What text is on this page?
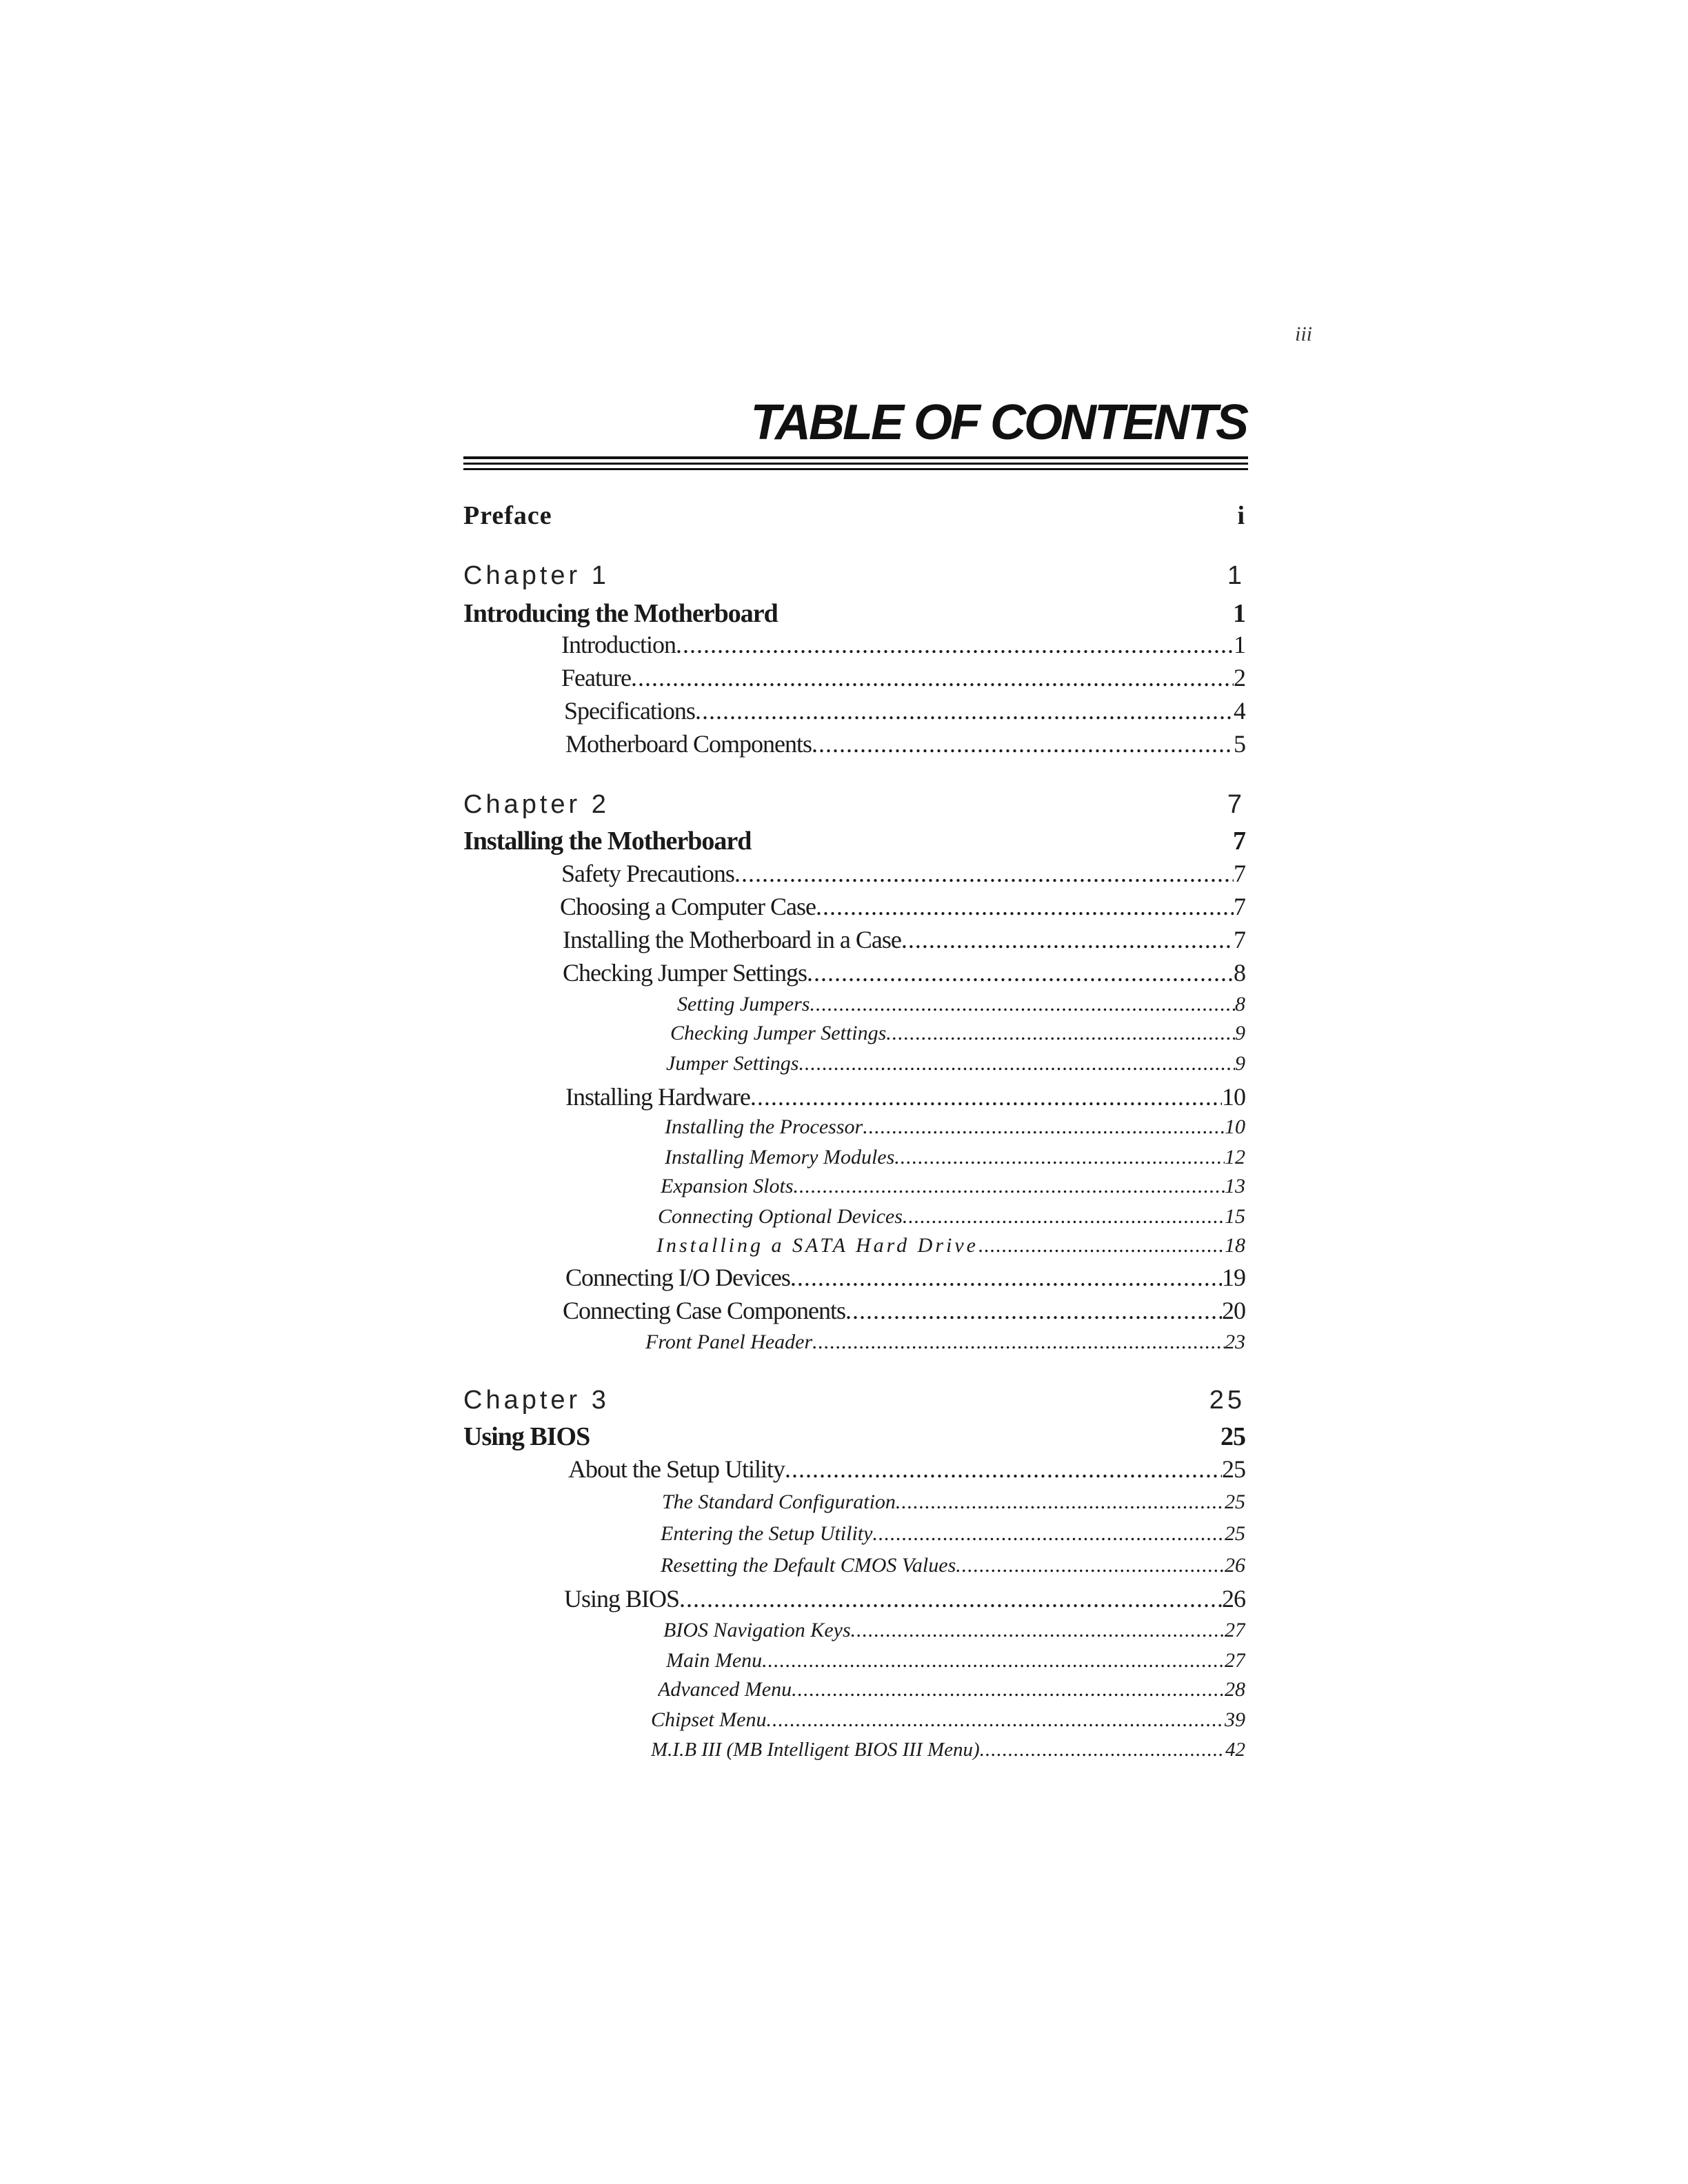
iii
TABLE OF CONTENTS
Preface	i
Chapter 1	1
Introducing the Motherboard	1
Introduction .....	1
Feature .....	2
Specifications .....	4
Motherboard Components .....	5
Chapter 2	7
Installing the Motherboard	7
Safety Precautions .....	7
Choosing a Computer Case .....	7
Installing the Motherboard in a Case .....	7
Checking Jumper Settings .....	8
Setting Jumpers .....	8
Checking Jumper Settings .....	9
Jumper Settings .....	9
Installing Hardware .....	10
Installing the Processor .....	10
Installing Memory Modules .....	12
Expansion Slots .....	13
Connecting Optional Devices .....	15
Installing a SATA Hard Drive .....	18
Connecting I/O Devices .....	19
Connecting Case Components .....	20
Front Panel Header .....	23
Chapter 3	25
Using BIOS	25
About the Setup Utility .....	25
The Standard Configuration .....	25
Entering the Setup Utility .....	25
Resetting the Default CMOS Values .....	26
Using BIOS .....	26
BIOS Navigation Keys .....	27
Main Menu .....	27
Advanced Menu .....	28
Chipset Menu .....	39
M.I.B III (MB Intelligent BIOS III Menu) .....	42
